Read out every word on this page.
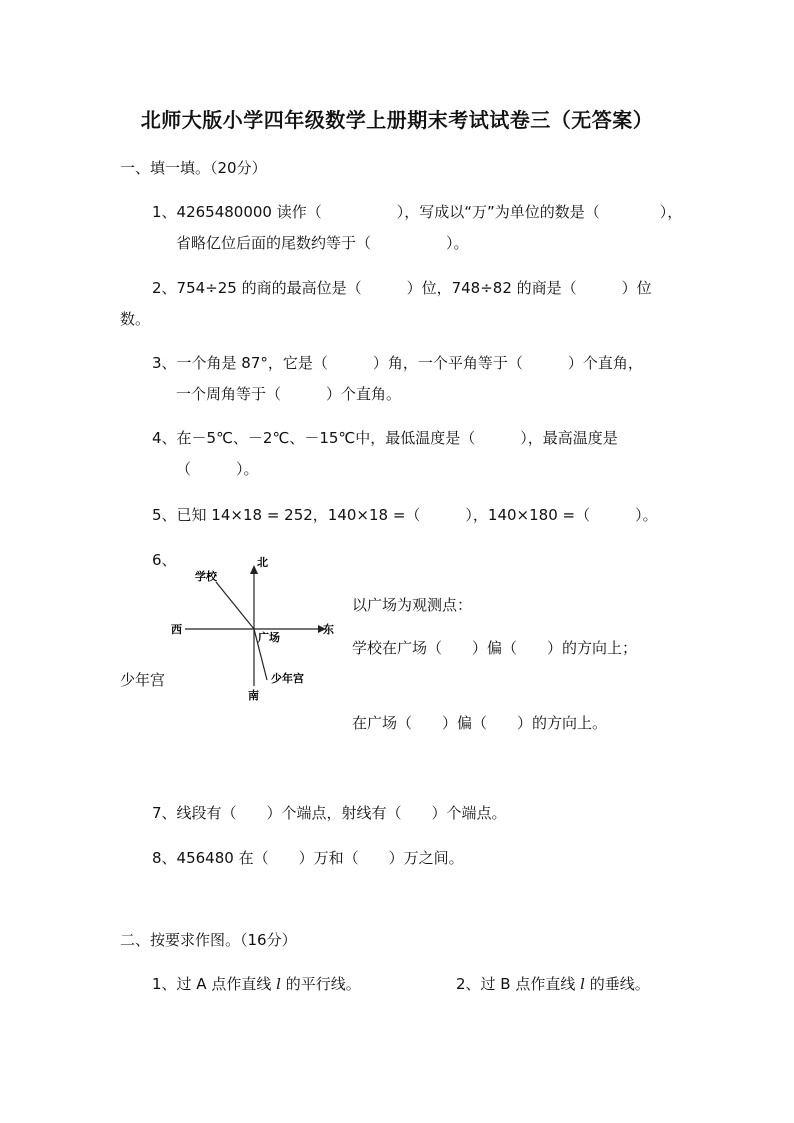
北师大版小学四年级数学上册期末考试试卷三（无答案）
一、填一填。（20分）
1、4265480000 读作（　　　　　），写成以“万”为单位的数是（　　　　），
省略亿位后面的尾数约等于（　　　　　）。
2、754÷25 的商的最高位是（　　　）位，748÷82 的商是（　　　）位
数。
3、一个角是 87°，它是（　　　）角，一个平角等于（　　　）个直角，
一个周角等于（　　　）个直角。
4、在－5℃、－2℃、－15℃中，最低温度是（　　　），最高温度是
（　　　）。
5、已知 14×18 = 252，140×18 =（　　　），140×180 =（　　　）。
6、	北
南
东
西
学校
广场
少年宫
以广场为观测点：
学校在广场（　　）偏（　　）的方向上；
少年宫
在广场（　　）偏（　　）的方向上。
7、线段有（　　）个端点，射线有（　　）个端点。
8、456480 在（　　）万和（　　）万之间。
二、按要求作图。（16分）
1、过 A 点作直线 l 的平行线。	2、过 B 点作直线 l 的垂线。
